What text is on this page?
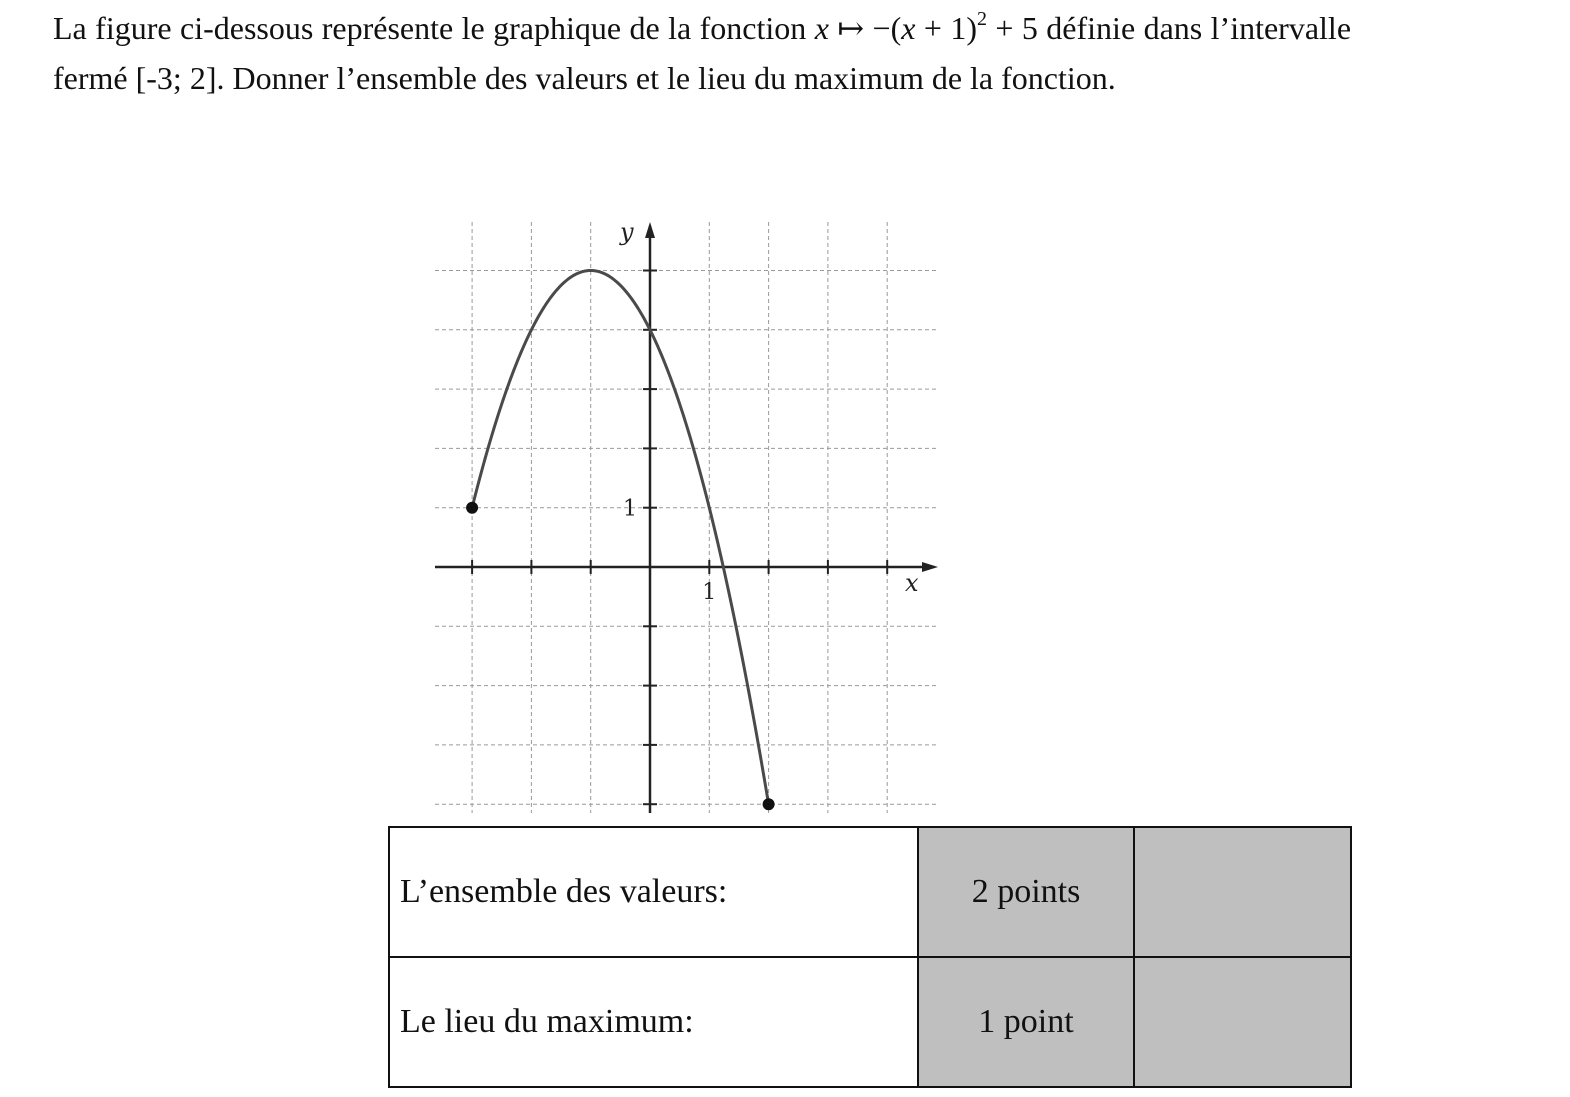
La figure ci-dessous représente le graphique de la fonction x ↦ $-(x + 1)^2 + 5$ définie dans l’intervalle fermé [-3; 2]. Donner l’ensemble des valeurs et le lieu du maximum de la fonction.
x
y
1
1
L’ensemble des valeurs:	2 points	
Le lieu du maximum:	1 point	
